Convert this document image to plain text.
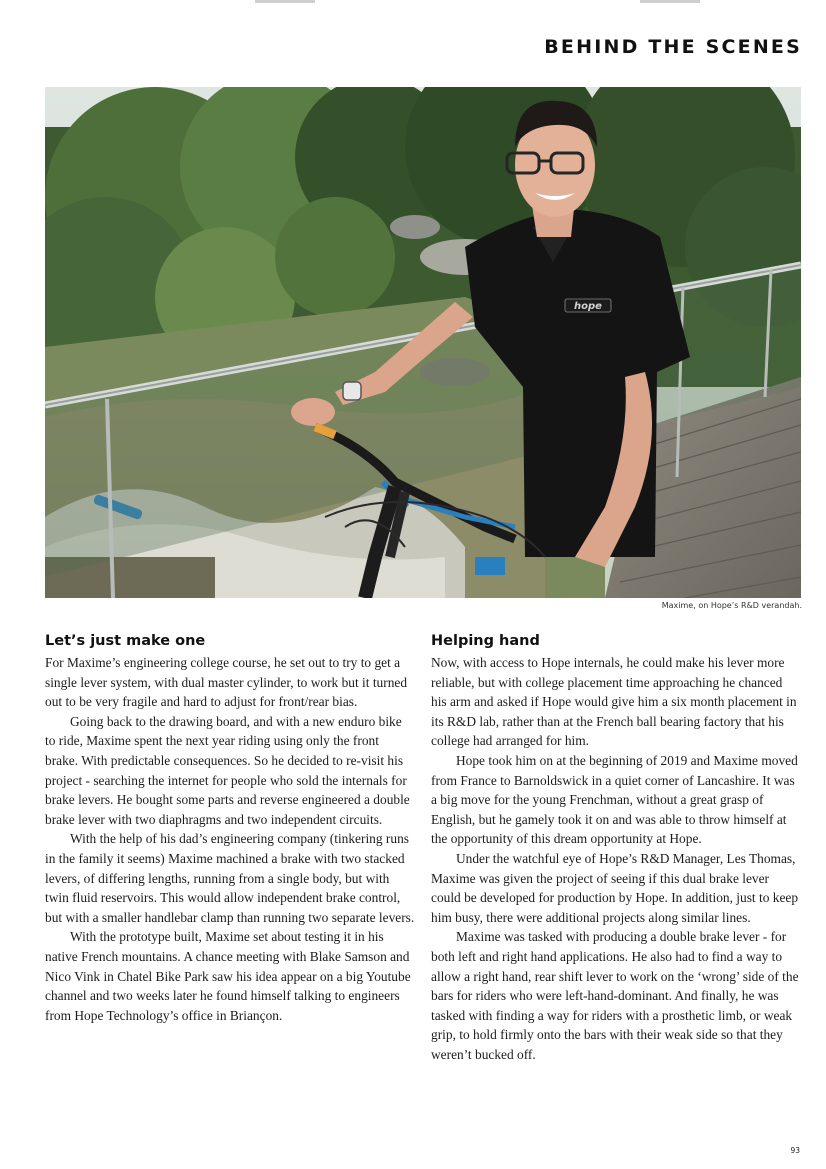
BEHIND THE SCENES
hope
Maxime, on Hope’s R&D verandah.
Let’s just make one

For Maxime’s engineering college course, he set out to try to get a single lever system, with dual master cylinder, to work but it turned out to be very fragile and hard to adjust for front/rear bias.

Going back to the drawing board, and with a new enduro bike to ride, Maxime spent the next year riding using only the front brake. With predictable consequences. So he decided to re-visit his project - searching the internet for people who sold the internals for brake levers. He bought some parts and reverse engineered a double brake lever with two diaphragms and two independent circuits.

With the help of his dad’s engineering company (tinkering runs in the family it seems) Maxime machined a brake with two stacked levers, of differing lengths, running from a single body, but with twin fluid reservoirs. This would allow independent brake control, but with a smaller handlebar clamp than running two separate levers.

With the prototype built, Maxime set about testing it in his native French mountains. A chance meeting with Blake Samson and Nico Vink in Chatel Bike Park saw his idea appear on a big Youtube channel and two weeks later he found himself talking to engineers from Hope Technology’s office in Briançon.

Helping hand

Now, with access to Hope internals, he could make his lever more reliable, but with college placement time approaching he chanced his arm and asked if Hope would give him a six month placement in its R&D lab, rather than at the French ball bearing factory that his college had arranged for him.

Hope took him on at the beginning of 2019 and Maxime moved from France to Barnoldswick in a quiet corner of Lancashire. It was a big move for the young Frenchman, without a great grasp of English, but he gamely took it on and was able to throw himself at the opportunity of this dream opportunity at Hope.

Under the watchful eye of Hope’s R&D Manager, Les Thomas, Maxime was given the project of seeing if this dual brake lever could be developed for production by Hope. In addition, just to keep him busy, there were additional projects along similar lines.

Maxime was tasked with producing a double brake lever - for both left and right hand applications. He also had to find a way to allow a right hand, rear shift lever to work on the ‘wrong’ side of the bars for riders who were left-hand-dominant. And finally, he was tasked with finding a way for riders with a prosthetic limb, or weak grip, to hold firmly onto the bars with their weak side so that they weren’t bucked off.

93
